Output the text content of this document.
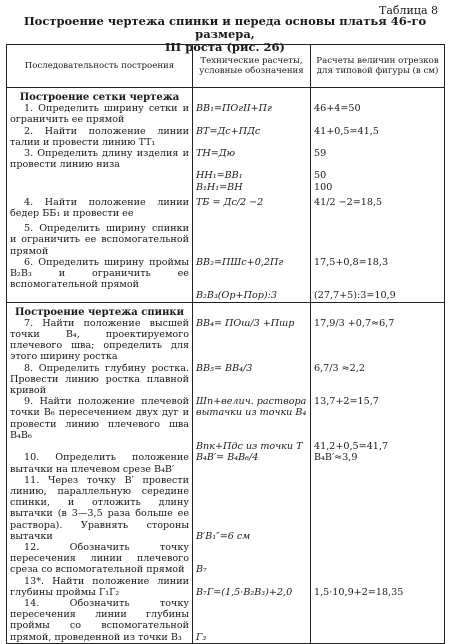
Таблица 8
Построение чертежа спинки и переда основы платья 46-го размера,
III роста (рис. 26)
Последовательность построения	Технические расчеты, условные обозначения	Расчеты величин отрезков для типовой фигуры (в см)
Построение сетки чертежа		
1. Определить ширину сетки и ограничить ее прямой	ВВ₁=ПОгII+Пг	46+4=50
2. Найти положение линии талии и провести линию ТТ₁	ВТ=Дс+ПДс	41+0,5=41,5
3. Определить длину изделия и провести линию низа	ТН=Дю	59
	НН₁=ВВ₁	50
	В₁Н₁=ВН	100

4. Найти положение линии бедер ББ₁ и провести ее	ТБ = Дс/2 −2	41/2 −2=18,5

5. Определить ширину спинки и ограничить ее вспомогательной прямой		
6. Определить ширину проймы В₂В₃ и ограничить ее вспомогательной прямой	ВВ₂=ПШс+0,2Пг	17,5+0,8=18,3
	В₂В₃(Ор+Пор):3	(27,7+5):3=10,9
Построение чертежа спинки		
7. Найти положение высшей точки В₄, проектируемого плечевого шва; определить для этого ширину ростка	ВВ₄= ПОш/3 +Пшр	17,9/3 +0,7≈6,7
8. Определить глубину ростка. Провести линию ростка плавной кривой	ВВ₅= ВВ₄/3	6,7/3 ≈2,2
9. Найти положение плечевой точки В₆ пересечением двух дуг и провести линию плечевого шва В₄В₆	Шп+велич. раствора вытачки из точки В₄	13,7+2=15,7
	Впк+Пдс из точки Т	41,2+0,5=41,7
10. Определить положение вытачки на плечевом срезе В₄В′	В₄В′= В₄В₆/4	В₄В′≈3,9
11. Через точку В′ провести линию, параллельную середине спинки, и отложить длину вытачки (в 3—3,5 раза больше ее раствора). Уравнять стороны вытачки	В′В₁″=6 см	
12. Обозначить точку пересечения линии плечевого среза со вспомогательной прямой	В₇	
13*. Найти положение линии глубины проймы Г₁Г₂	В₇Г=(1,5·В₂В₃)+2,0	1,5·10,9+2=18,35
14. Обозначить точку пересечения линии глубины проймы со вспомогательной прямой, проведенной из точки В₃	Г₃	
